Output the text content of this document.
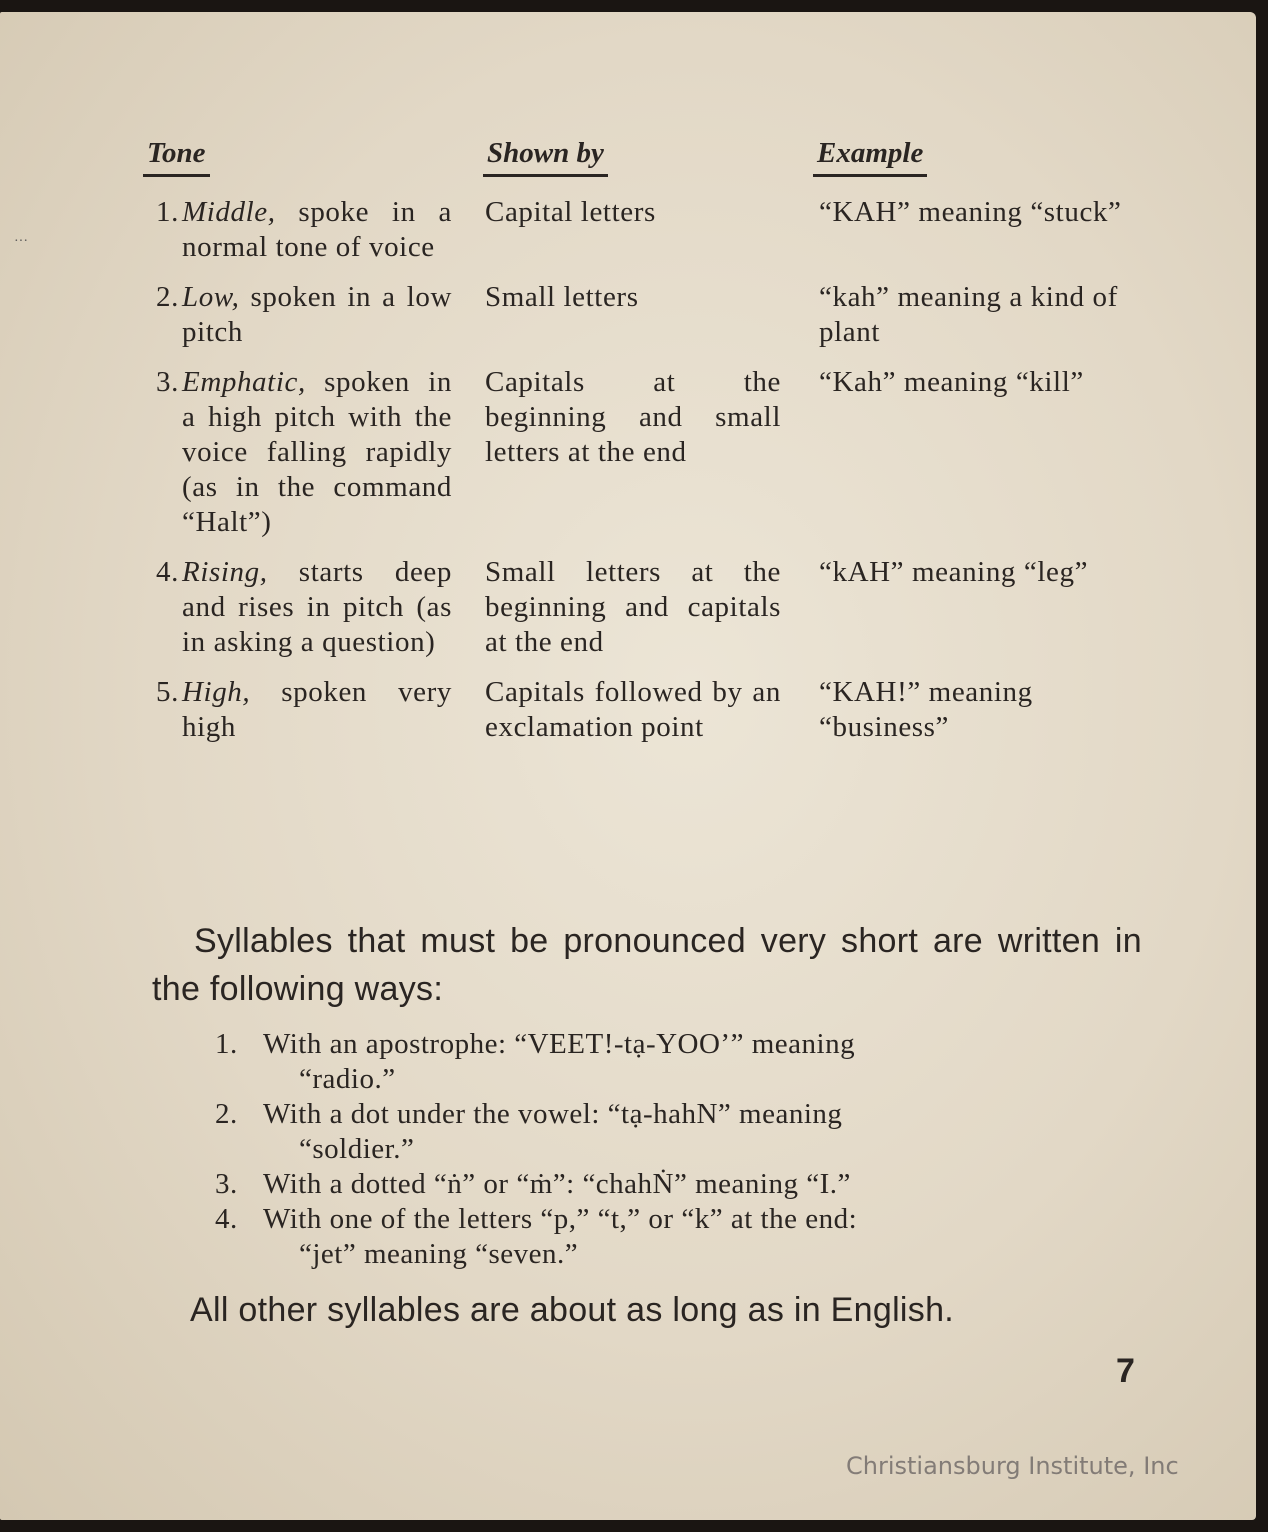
···
Tone	Shown by	Example

1. Middle, spoke in a normal tone of voice	Capital letters	“KAH” meaning “stuck”

2. Low, spoken in a low pitch	Small letters	“kah” meaning a kind of plant

3. Emphatic, spoken in a high pitch with the voice falling rapidly (as in the command “Halt”)	Capitals at the beginning and small letters at the end	“Kah” meaning “kill”

4. Rising, starts deep and rises in pitch (as in asking a question)	Small letters at the beginning and capitals at the end	“kAH” meaning “leg”

5. High, spoken very high	Capitals followed by an exclamation point	“KAH!” meaning “business”
Syllables that must be pronounced very short are written in the following ways:
1. With an apostrophe: “VEET!-tạ-YOO’” meaning
“radio.”
2. With a dot under the vowel: “tạ-hahN” meaning
“soldier.”
3. With a dotted “ṅ” or “ṁ”: “chahṄ” meaning “I.”
4. With one of the letters “p,” “t,” or “k” at the end:
“jet” meaning “seven.”
All other syllables are about as long as in English.
7
Christiansburg Institute, Inc
